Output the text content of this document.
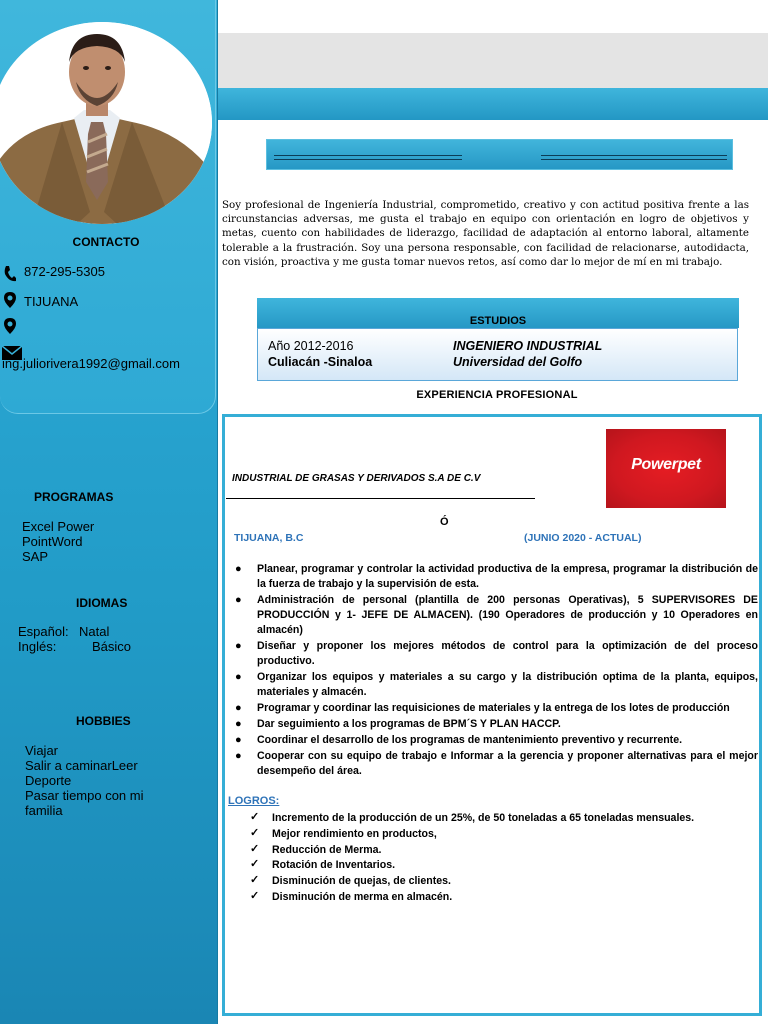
CONTACTO
872-295-5305
TIJUANA
ing.juliorivera1992@gmail.com
PROGRAMAS
Excel Power
PointWord
SAP
IDIOMAS
Español: Natal
Inglés:	Básico
HOBBIES
Viajar
Salir a caminarLeer
Deporte
Pasar tiempo con mi
familia
Soy profesional de Ingeniería Industrial, comprometido, creativo y con actitud positiva frente a las circunstancias adversas, me gusta el trabajo en equipo con orientación en logro de objetivos y metas, cuento con habilidades de liderazgo, facilidad de adaptación al entorno laboral, altamente tolerable a la frustración. Soy una persona responsable, con facilidad de relacionarse, autodidacta, con visión, proactiva y me gusta tomar nuevos retos, así como dar lo mejor de mí en mi trabajo.
ESTUDIOS
Año 2012-2016
Culiacán -Sinaloa
INGENIERO INDUSTRIAL
Universidad del Golfo
EXPERIENCIA PROFESIONAL
Powerpet
INDUSTRIAL DE GRASAS Y DERIVADOS S.A DE C.V
Ó
TIJUANA, B.C	(JUNIO 2020 - ACTUAL)
● Planear, programar y controlar la actividad productiva de la empresa, programar la distribución de la fuerza de trabajo y la supervisión de esta.
● Administración de personal (plantilla de 200 personas Operativas), 5 SUPERVISORES DE PRODUCCIÓN y 1- JEFE DE ALMACEN). (190 Operadores de producción y 10 Operadores en almacén)
● Diseñar y proponer los mejores métodos de control para la optimización de del proceso productivo.
● Organizar los equipos y materiales a su cargo y la distribución optima de la planta, equipos, materiales y almacén.
● Programar y coordinar las requisiciones de materiales y la entrega de los lotes de producción
● Dar seguimiento a los programas de BPM´S Y PLAN HACCP.
● Coordinar el desarrollo de los programas de mantenimiento preventivo y recurrente.
● Cooperar con su equipo de trabajo e Informar a la gerencia y proponer alternativas para el mejor desempeño del área.
LOGROS:
✓ Incremento de la producción de un 25%, de 50 toneladas a 65 toneladas mensuales.
✓ Mejor rendimiento en productos,
✓ Reducción de Merma.
✓ Rotación de Inventarios.
✓ Disminución de quejas, de clientes.
✓ Disminución de merma en almacén.
